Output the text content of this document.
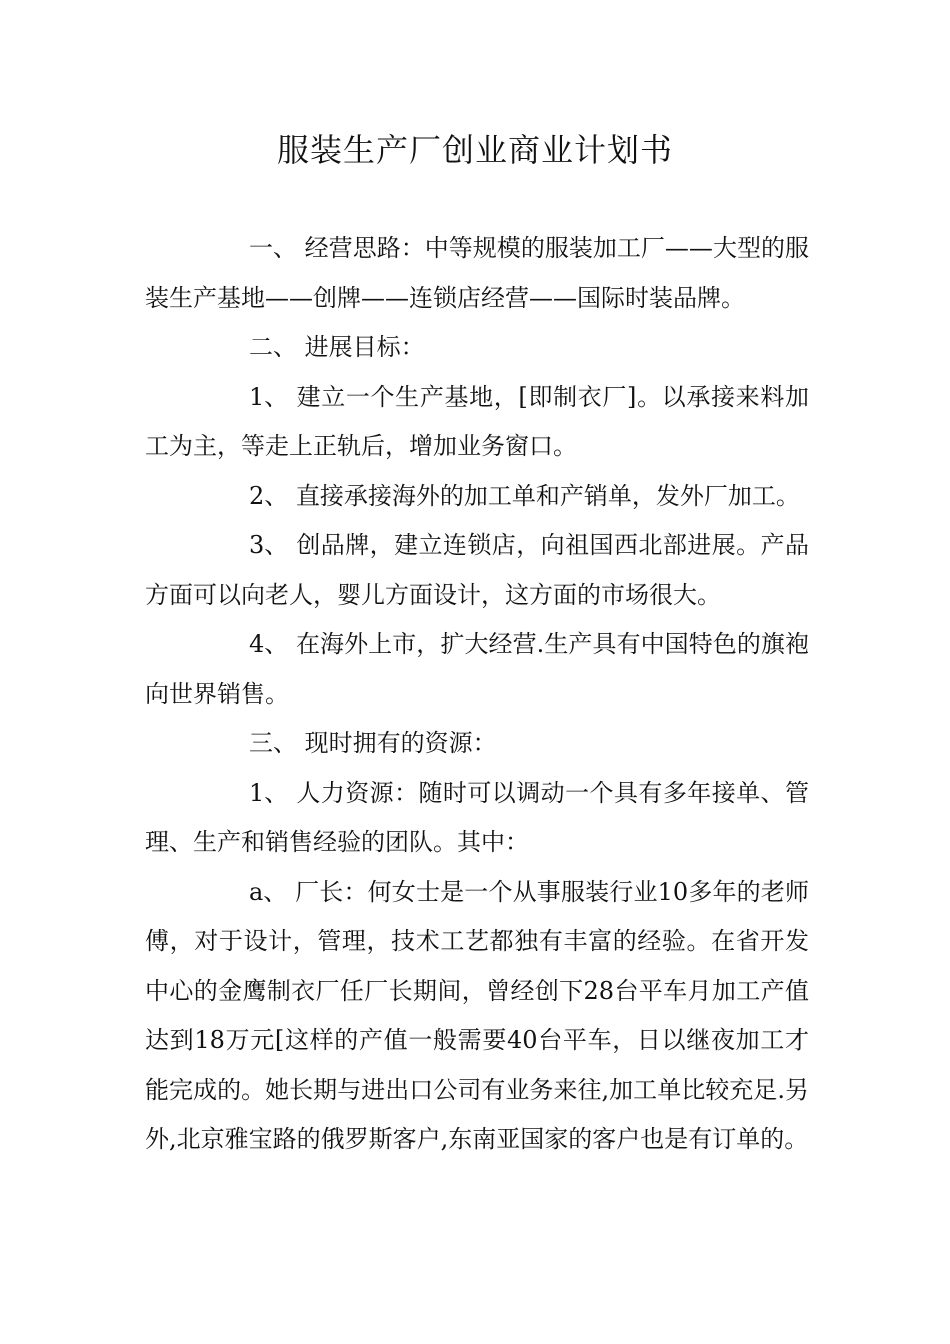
服装生产厂创业商业计划书

一、 经营思路：中等规模的服装加工厂——大型的服装生产基地——创牌——连锁店经营——国际时装品牌。

二、 进展目标：

1、 建立一个生产基地，[即制衣厂]。以承接来料加工为主，等走上正轨后，增加业务窗口。

2、 直接承接海外的加工单和产销单，发外厂加工。

3、 创品牌，建立连锁店，向祖国西北部进展。产品方面可以向老人，婴儿方面设计，这方面的市场很大。

4、 在海外上市，扩大经营.生产具有中国特色的旗袍向世界销售。

三、 现时拥有的资源：

1、 人力资源：随时可以调动一个具有多年接单、管理、生产和销售经验的团队。其中：

a、 厂长：何女士是一个从事服装行业10多年的老师傅，对于设计，管理，技术工艺都独有丰富的经验。在省开发中心的金鹰制衣厂任厂长期间，曾经创下28台平车月加工产值达到18万元[这样的产值一般需要40台平车，日以继夜加工才能完成的。她长期与进出口公司有业务来往,加工单比较充足.另外,北京雅宝路的俄罗斯客户,东南亚国家的客户也是有订单的。
